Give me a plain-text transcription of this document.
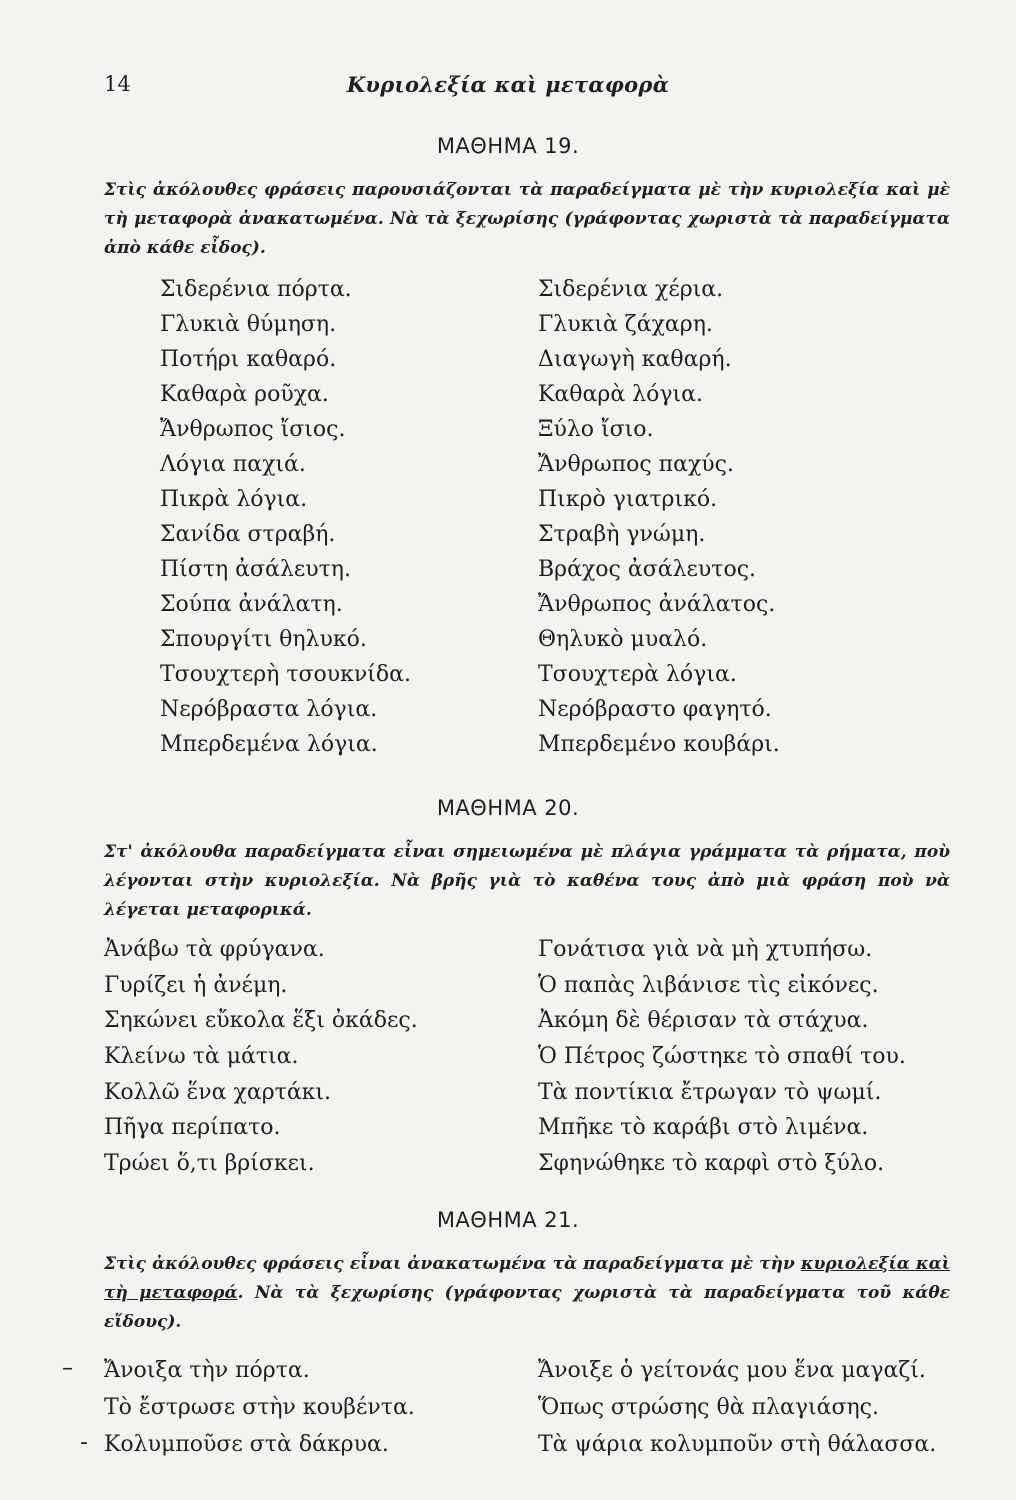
14	Κυριολεξία καὶ μεταφορὰ
ΜΑΘΗΜΑ 19.

Στὶς ἀκόλουθες φράσεις παρουσιάζονται τὰ παραδείγματα μὲ τὴν κυριολεξία καὶ μὲ τὴ μεταφορὰ ἀνακατωμένα. Νὰ τὰ ξεχωρίσης (γράφοντας χωριστὰ τὰ παραδείγματα ἀπὸ κάθε εἶδος).

Σιδερένια πόρτα.
Γλυκιὰ θύμηση.
Ποτήρι καθαρό.
Καθαρὰ ροῦχα.
Ἄνθρωπος ἴσιος.
Λόγια παχιά.
Πικρὰ λόγια.
Σανίδα στραβή.
Πίστη ἀσάλευτη.
Σούπα ἀνάλατη.
Σπουργίτι θηλυκό.
Τσουχτερὴ τσουκνίδα.
Νερόβραστα λόγια.
Μπερδεμένα λόγια.
Σιδερένια χέρια.
Γλυκιὰ ζάχαρη.
Διαγωγὴ καθαρή.
Καθαρὰ λόγια.
Ξύλο ἴσιο.
Ἄνθρωπος παχύς.
Πικρὸ γιατρικό.
Στραβὴ γνώμη.
Βράχος ἀσάλευτος.
Ἄνθρωπος ἀνάλατος.
Θηλυκὸ μυαλό.
Τσουχτερὰ λόγια.
Νερόβραστο φαγητό.
Μπερδεμένο κουβάρι.
ΜΑΘΗΜΑ 20.

Στ' ἀκόλουθα παραδείγματα εἶναι σημειωμένα μὲ πλάγια γράμματα τὰ ρήματα, ποὺ λέγονται στὴν κυριολεξία. Νὰ βρῆς γιὰ τὸ καθένα τους ἀπὸ μιὰ φράση ποὺ νὰ λέγεται μεταφορικά.

Ἀνάβω τὰ φρύγανα.
Γυρίζει ἡ ἀνέμη.
Σηκώνει εὔκολα ἕξι ὀκάδες.
Κλείνω τὰ μάτια.
Κολλῶ ἕνα χαρτάκι.
Πῆγα περίπατο.
Τρώει ὅ,τι βρίσκει.
Γονάτισα γιὰ νὰ μὴ χτυπήσω.
Ὁ παπὰς λιβάνισε τὶς εἰκόνες.
Ἀκόμη δὲ θέρισαν τὰ στάχυα.
Ὁ Πέτρος ζώστηκε τὸ σπαθί του.
Τὰ ποντίκια ἔτρωγαν τὸ ψωμί.
Μπῆκε τὸ καράβι στὸ λιμένα.
Σφηνώθηκε τὸ καρφὶ στὸ ξύλο.
ΜΑΘΗΜΑ 21.

Στὶς ἀκόλουθες φράσεις εἶναι ἀνακατωμένα τὰ παραδείγματα μὲ τὴν κυριολεξία καὶ τὴ μεταφορά. Νὰ τὰ ξεχωρίσης (γράφοντας χωριστὰ τὰ παραδείγματα τοῦ κάθε εἴδους).

–
-
Ἄνοιξα τὴν πόρτα.
Τὸ ἔστρωσε στὴν κουβέντα.
Κολυμποῦσε στὰ δάκρυα.
Ἄνοιξε ὁ γείτονάς μου ἕνα μαγαζί.
Ὅπως στρώσης θὰ πλαγιάσης.
Τὰ ψάρια κολυμποῦν στὴ θάλασσα.
